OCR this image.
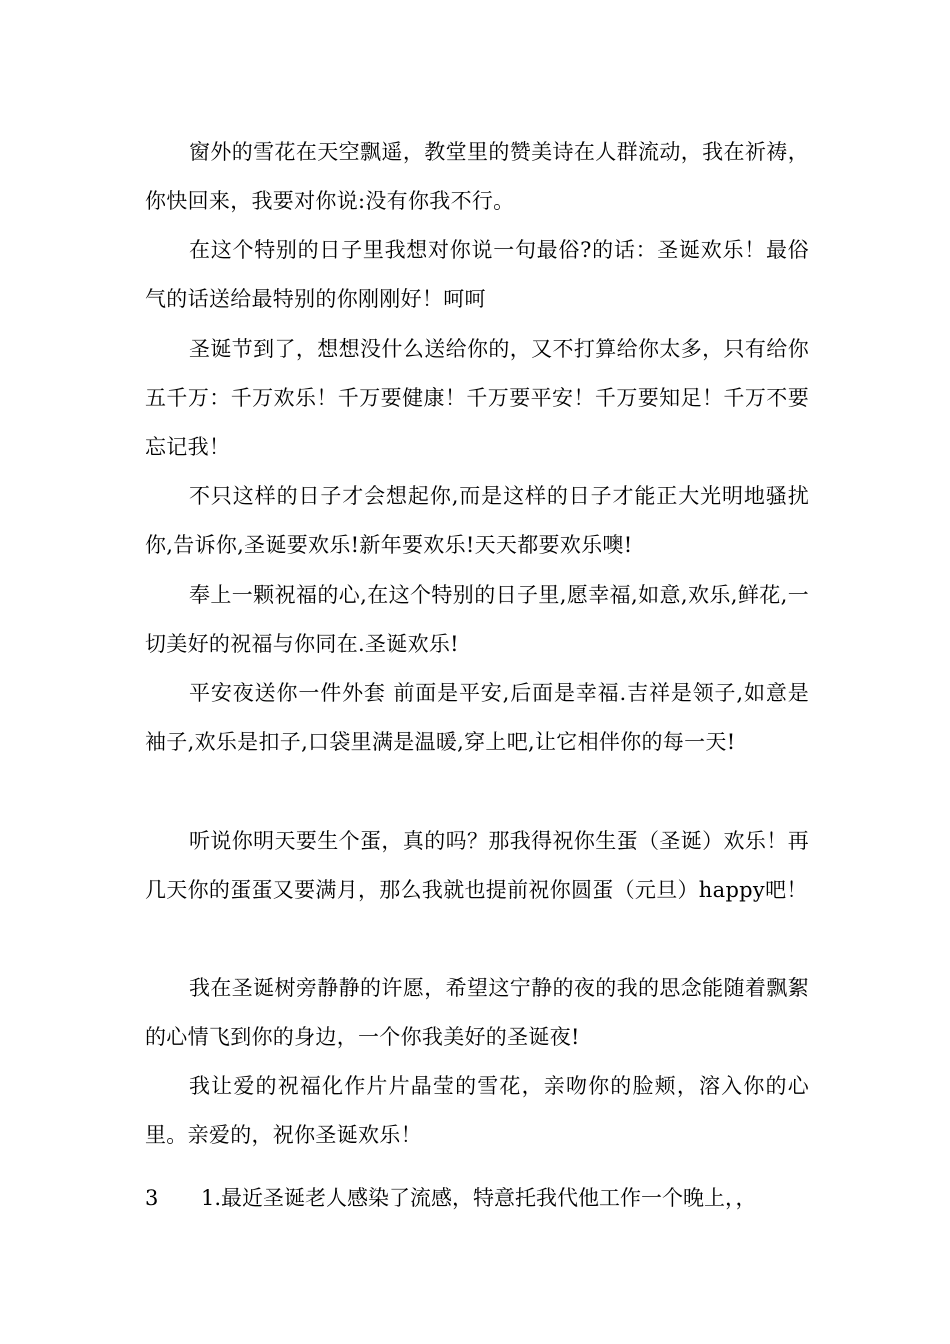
窗外的雪花在天空飘遥，教堂里的赞美诗在人群流动，我在祈祷，你快回来，我要对你说:没有你我不行。

在这个特别的日子里我想对你说一句最俗?的话：圣诞欢乐！最俗气的话送给最特别的你刚刚好！呵呵

圣诞节到了，想想没什么送给你的，又不打算给你太多，只有给你五千万：千万欢乐！千万要健康！千万要平安！千万要知足！千万不要忘记我！

不只这样的日子才会想起你,而是这样的日子才能正大光明地骚扰你,告诉你,圣诞要欢乐!新年要欢乐!天天都要欢乐噢!

奉上一颗祝福的心,在这个特别的日子里,愿幸福,如意,欢乐,鲜花,一切美好的祝福与你同在.圣诞欢乐!

平安夜送你一件外套 前面是平安,后面是幸福.吉祥是领子,如意是袖子,欢乐是扣子,口袋里满是温暖,穿上吧,让它相伴你的每一天!

听说你明天要生个蛋，真的吗？那我得祝你生蛋（圣诞）欢乐！再几天你的蛋蛋又要满月，那么我就也提前祝你圆蛋（元旦）happy吧！

我在圣诞树旁静静的许愿，希望这宁静的夜的我的思念能随着飘絮的心情飞到你的身边，一个你我美好的圣诞夜!

我让爱的祝福化作片片晶莹的雪花，亲吻你的脸颊，溶入你的心里。亲爱的，祝你圣诞欢乐！

3 1.最近圣诞老人感染了流感，特意托我代他工作一个晚上，，
